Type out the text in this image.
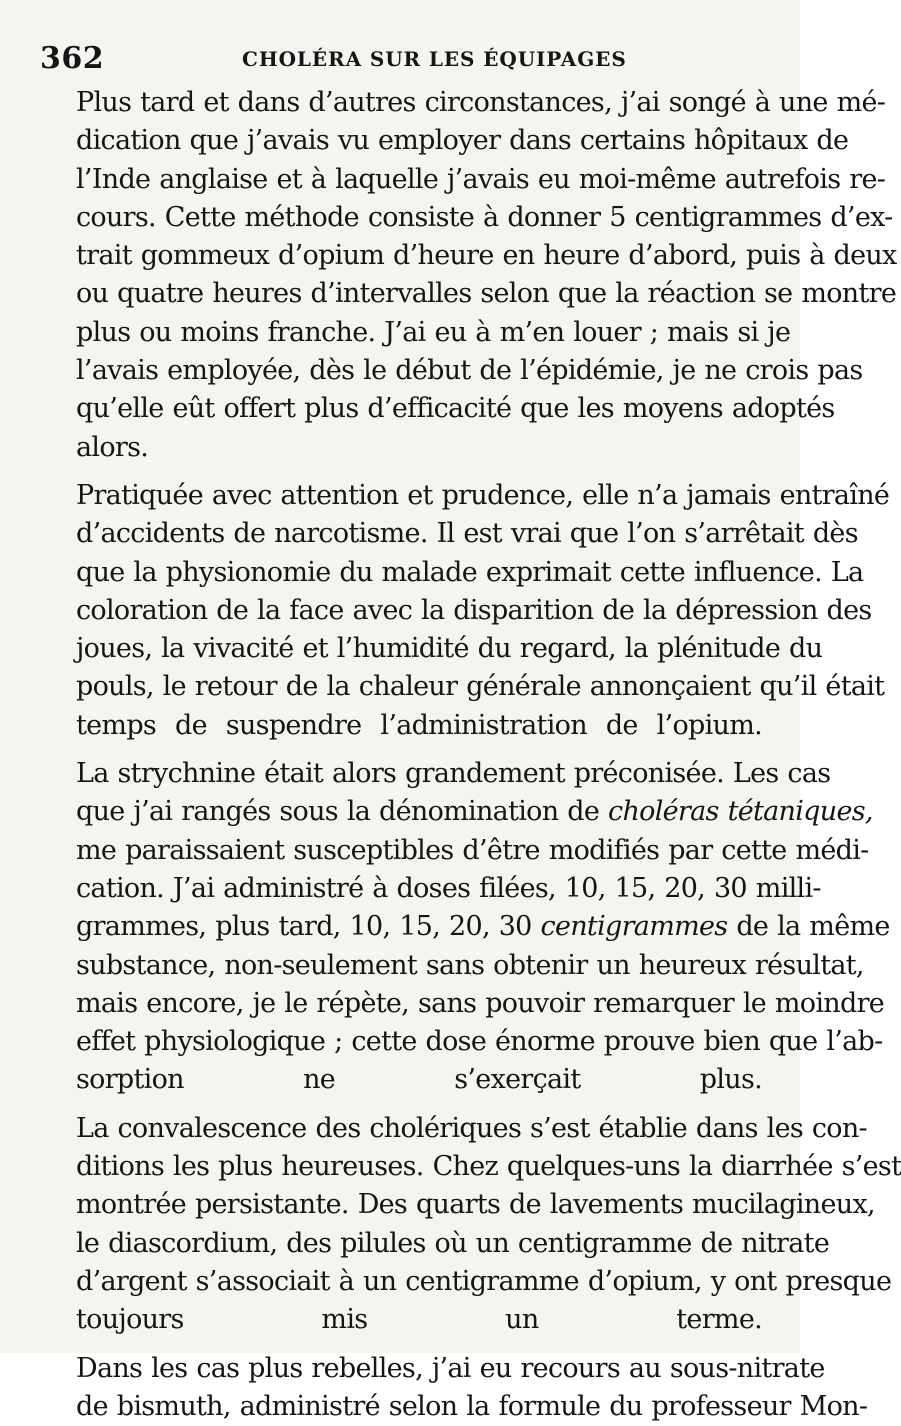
362	CHOLÉRA SUR LES ÉQUIPAGES
Plus tard et dans d’autres circonstances, j’ai songé à une mé-
dication que j’avais vu employer dans certains hôpitaux de
l’Inde anglaise et à laquelle j’avais eu moi-même autrefois re-
cours. Cette méthode consiste à donner 5 centigrammes d’ex-
trait gommeux d’opium d’heure en heure d’abord, puis à deux
ou quatre heures d’intervalles selon que la réaction se montre
plus ou moins franche. J’ai eu à m’en louer ; mais si je
l’avais employée, dès le début de l’épidémie, je ne crois pas
qu’elle eût offert plus d’efficacité que les moyens adoptés
alors.
Pratiquée avec attention et prudence, elle n’a jamais entraîné
d’accidents de narcotisme. Il est vrai que l’on s’arrêtait dès
que la physionomie du malade exprimait cette influence. La
coloration de la face avec la disparition de la dépression des
joues, la vivacité et l’humidité du regard, la plénitude du
pouls, le retour de la chaleur générale annonçaient qu’il était
temps de suspendre l’administration de l’opium.
La strychnine était alors grandement préconisée. Les cas
que j’ai rangés sous la dénomination de choléras tétaniques,
me paraissaient susceptibles d’être modifiés par cette médi-
cation. J’ai administré à doses filées, 10, 15, 20, 30 milli-
grammes, plus tard, 10, 15, 20, 30 centigrammes de la même
substance, non-seulement sans obtenir un heureux résultat,
mais encore, je le répète, sans pouvoir remarquer le moindre
effet physiologique ; cette dose énorme prouve bien que l’ab-
sorption ne s’exerçait plus.
La convalescence des cholériques s’est établie dans les con-
ditions les plus heureuses. Chez quelques-uns la diarrhée s’est
montrée persistante. Des quarts de lavements mucilagineux,
le diascordium, des pilules où un centigramme de nitrate
d’argent s’associait à un centigramme d’opium, y ont presque
toujours mis un terme.
Dans les cas plus rebelles, j’ai eu recours au sous-nitrate
de bismuth, administré selon la formule du professeur Mon-
